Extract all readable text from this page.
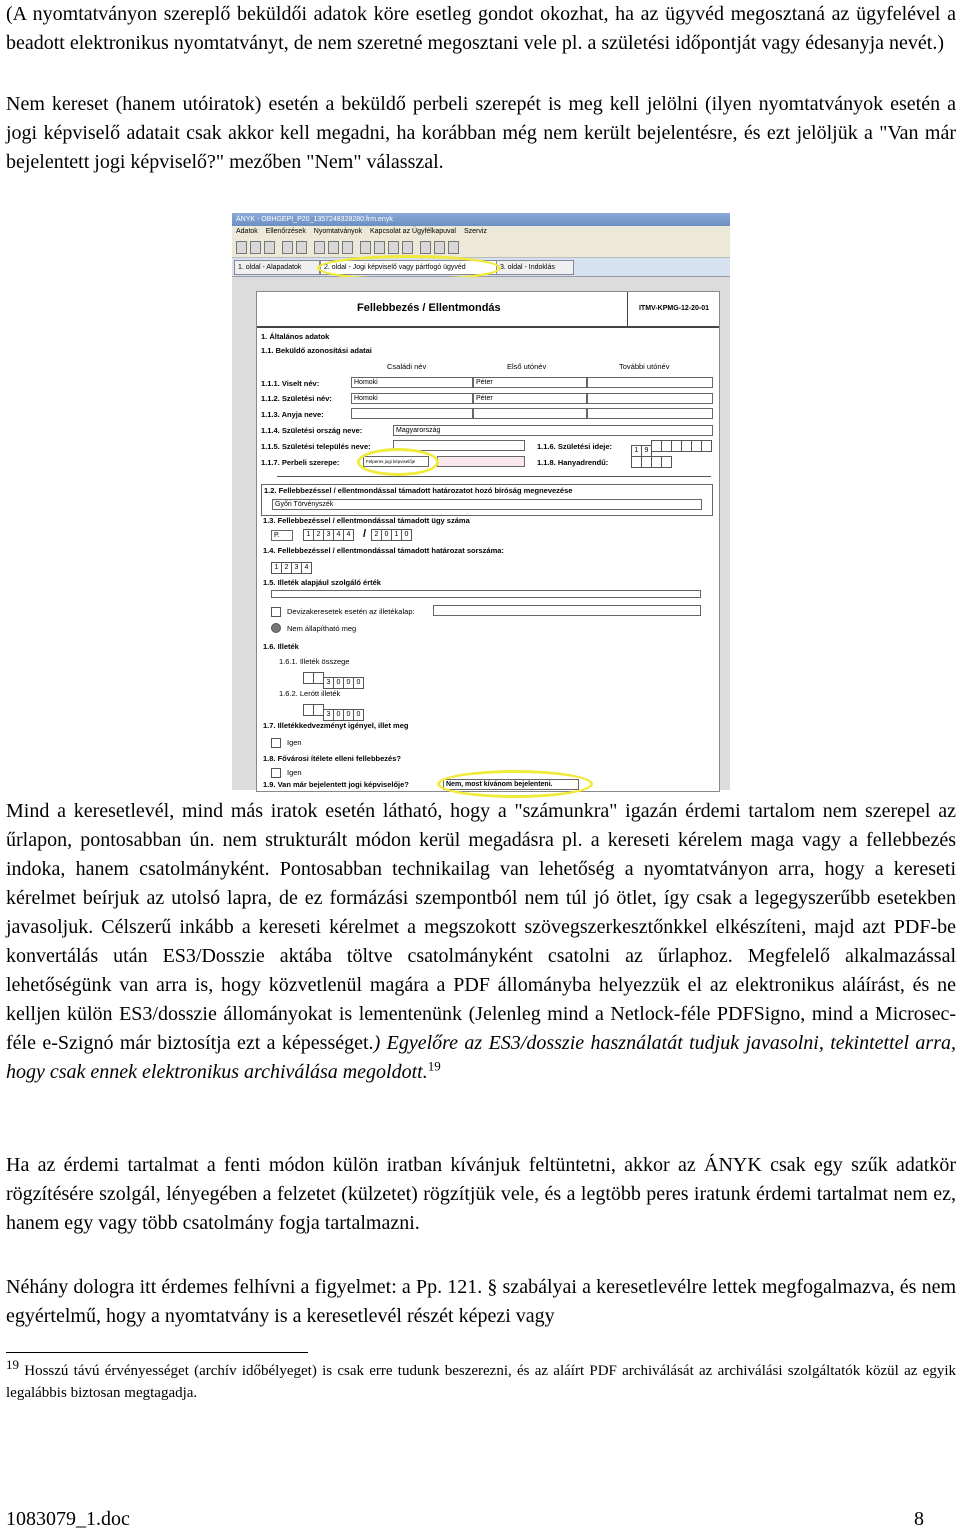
(A nyomtatványon szereplő beküldői adatok köre esetleg gondot okozhat, ha az ügyvéd megosztaná az ügyfelével a beadott elektronikus nyomtatványt, de nem szeretné megosztani vele pl. a születési időpontját vagy édesanyja nevét.)

Nem kereset (hanem utóiratok) esetén a beküldő perbeli szerepét is meg kell jelölni (ilyen nyomtatványok esetén a jogi képviselő adatait csak akkor kell megadni, ha korábban még nem került bejelentésre, és ezt jelöljük a "Van már bejelentett jogi képviselő?" mezőben "Nem" válasszal.

ÁNYK - OBHGEPI_P20_1357248328280.frm.enyk
Adatok Ellenőrzések Nyomtatványok Kapcsolat az Ügyfélkapuval Szerviz
1. oldal - Alapadatok	2. oldal - Jogi képviselő vagy pártfogó ügyvéd	3. oldal - Indoklás
Fellebbezés / Ellentmondás	ITMV-KPMG-12-20-01
1. Általános adatok
1.1. Beküldő azonosítási adatai
Családi név	Első utónév	További utónév
1.1.1. Viselt név:	Homoki	Péter
1.1.2. Születési név:	Homoki	Péter
1.1.3. Anyja neve:
1.1.4. Születési ország neve:	Magyarország
1.1.5. Születési település neve:	1.1.6. Születési ideje:	1 9
1.1.7. Perbeli szerepe:	Felperes jogi képviselője	1.1.8. Hanyadrendű:
1.2. Fellebbezéssel / ellentmondással támadott határozatot hozó bíróság megnevezése
Győri Törvényszék
1.3. Fellebbezéssel / ellentmondással támadott ügy száma
P.	1 2 3 4 4 /	2 0 1 0
1.4. Fellebbezéssel / ellentmondással támadott határozat sorszáma:
1 2 3 4
1.5. Illeték alapjául szolgáló érték
Devizakeresetek esetén az illetékalap:
Nem állapítható meg
1.6. Illeték
1.6.1. Illeték összege
3 0 0 0
1.6.2. Lerótt illeték
3 0 0 0
1.7. Illetékkedvezményt igényel, illet meg
Igen
1.8. Fővárosi ítélete elleni fellebbezés?
Igen
1.9. Van már bejelentett jogi képviselője?	Nem, most kívánom bejelenteni.

Mind a keresetlevél, mind más iratok esetén látható, hogy a "számunkra" igazán érdemi tartalom nem szerepel az űrlapon, pontosabban ún. nem strukturált módon kerül megadásra pl. a kereseti kérelem maga vagy a fellebbezés indoka, hanem csatolmányként. Pontosabban technikailag van lehetőség a nyomtatványon arra, hogy a kereseti kérelmet beírjuk az utolsó lapra, de ez formázási szempontból nem túl jó ötlet, így csak a legegyszerűbb esetekben javasoljuk. Célszerű inkább a kereseti kérelmet a megszokott szövegszerkesztőnkkel elkészíteni, majd azt PDF-be konvertálás után ES3/Dosszie aktába töltve csatolmányként csatolni az űrlaphoz. Megfelelő alkalmazással lehetőségünk van arra is, hogy közvetlenül magára a PDF állományba helyezzük el az elektronikus aláírást, és ne kelljen külön ES3/dosszie állományokat is lementenünk (Jelenleg mind a Netlock-féle PDFSigno, mind a Microsec-féle e-Szignó már biztosítja ezt a képességet.) Egyelőre az ES3/dosszie használatát tudjuk javasolni, tekintettel arra, hogy csak ennek elektronikus archiválása megoldott.$^{19}$

Ha az érdemi tartalmat a fenti módon külön iratban kívánjuk feltüntetni, akkor az ÁNYK csak egy szűk adatkör rögzítésére szolgál, lényegében a felzetet (külzetet) rögzítjük vele, és a legtöbb peres iratunk érdemi tartalmat nem ez, hanem egy vagy több csatolmány fogja tartalmazni.

Néhány dologra itt érdemes felhívni a figyelmet: a Pp. 121. § szabályai a keresetlevélre lettek megfogalmazva, és nem egyértelmű, hogy a nyomtatvány is a keresetlevél részét képezi vagy

$^{19}$ Hosszú távú érvényességet (archív időbélyeget) is csak erre tudunk beszerezni, és az aláírt PDF archiválását az archiválási szolgáltatók közül az egyik legalábbis biztosan megtagadja.
1083079_1.doc	8
